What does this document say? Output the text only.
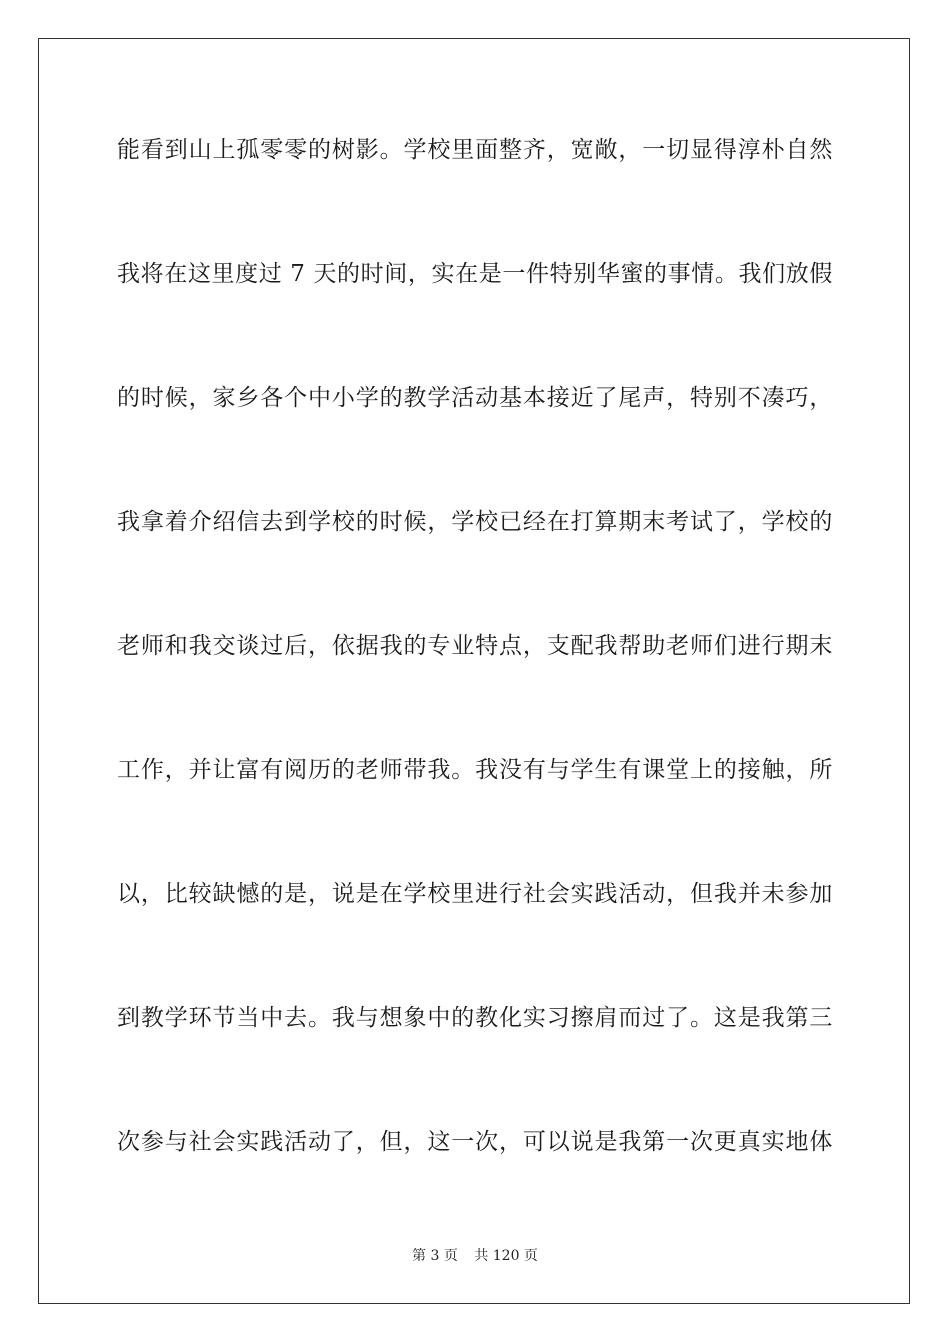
能看到山上孤零零的树影。学校里面整齐，宽敞，一切显得淳朴自然
我将在这里度过 7 天的时间，实在是一件特别华蜜的事情。我们放假
的时候，家乡各个中小学的教学活动基本接近了尾声，特别不凑巧，
我拿着介绍信去到学校的时候，学校已经在打算期末考试了，学校的
老师和我交谈过后，依据我的专业特点，支配我帮助老师们进行期末
工作，并让富有阅历的老师带我。我没有与学生有课堂上的接触，所
以，比较缺憾的是，说是在学校里进行社会实践活动，但我并未参加
到教学环节当中去。我与想象中的教化实习擦肩而过了。这是我第三
次参与社会实践活动了，但，这一次，可以说是我第一次更真实地体
第 3 页 共 120 页
